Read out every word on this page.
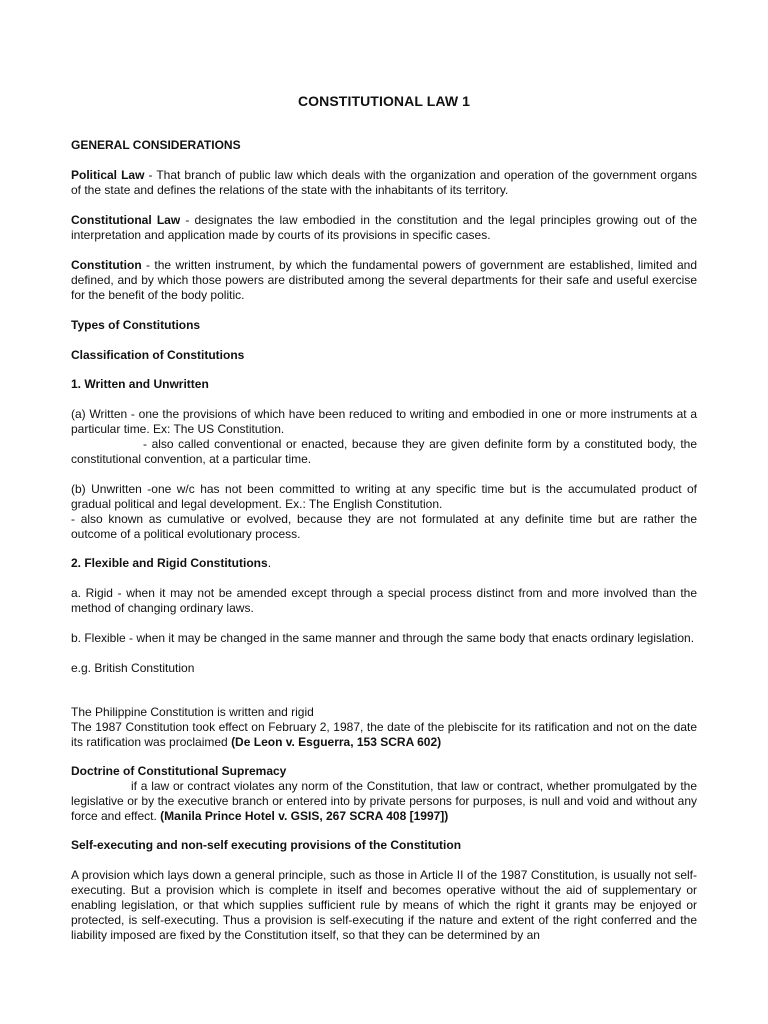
CONSTITUTIONAL LAW 1
GENERAL CONSIDERATIONS
Political Law - That branch of public law which deals with the organization and operation of the government organs of the state and defines the relations of the state with the inhabitants of its territory.
Constitutional Law - designates the law embodied in the constitution and the legal principles growing out of the interpretation and application made by courts of its provisions in specific cases.
Constitution - the written instrument, by which the fundamental powers of government are established, limited and defined, and by which those powers are distributed among the several departments for their safe and useful exercise for the benefit of the body politic.
Types of Constitutions
Classification of Constitutions
1. Written and Unwritten
(a) Written - one the provisions of which have been reduced to writing and embodied in one or more instruments at a particular time. Ex: The US Constitution.
- also called conventional or enacted, because they are given definite form by a constituted body, the constitutional convention, at a particular time.
(b) Unwritten -one w/c has not been committed to writing at any specific time but is the accumulated product of gradual political and legal development. Ex.: The English Constitution.
- also known as cumulative or evolved, because they are not formulated at any definite time but are rather the outcome of a political evolutionary process.
2. Flexible and Rigid Constitutions.
a. Rigid - when it may not be amended except through a special process distinct from and more involved than the method of changing ordinary laws.
b. Flexible - when it may be changed in the same manner and through the same body that enacts ordinary legislation.
e.g. British Constitution
The Philippine Constitution is written and rigid
The 1987 Constitution took effect on February 2, 1987, the date of the plebiscite for its ratification and not on the date its ratification was proclaimed (De Leon v. Esguerra, 153 SCRA 602)
Doctrine of Constitutional Supremacy
if a law or contract violates any norm of the Constitution, that law or contract, whether promulgated by the legislative or by the executive branch or entered into by private persons for purposes, is null and void and without any force and effect. (Manila Prince Hotel v. GSIS, 267 SCRA 408 [1997])
Self-executing and non-self executing provisions of the Constitution
A provision which lays down a general principle, such as those in Article II of the 1987 Constitution, is usually not self-executing. But a provision which is complete in itself and becomes operative without the aid of supplementary or enabling legislation, or that which supplies sufficient rule by means of which the right it grants may be enjoyed or protected, is self-executing. Thus a provision is self-executing if the nature and extent of the right conferred and the liability imposed are fixed by the Constitution itself, so that they can be determined by an
